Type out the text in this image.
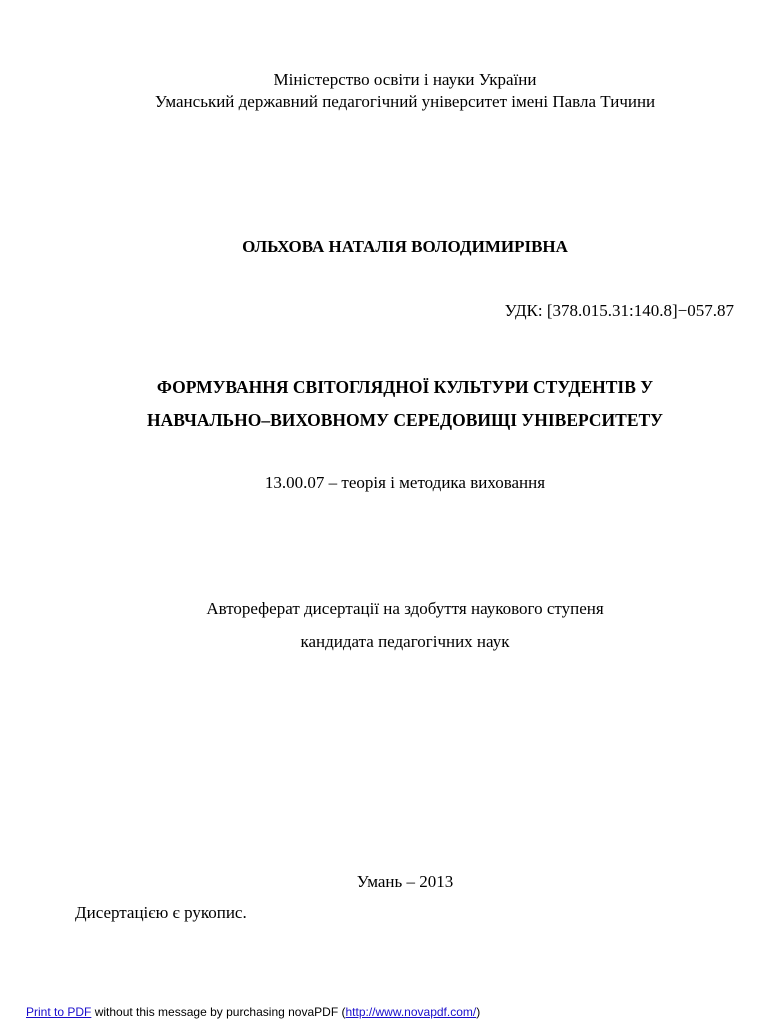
Міністерство освіти і науки України
Уманський державний педагогічний університет імені Павла Тичини
ОЛЬХОВА НАТАЛІЯ ВОЛОДИМИРІВНА
УДК: [378.015.31:140.8]−057.87
ФОРМУВАННЯ СВІТОГЛЯДНОЇ КУЛЬТУРИ СТУДЕНТІВ У
НАВЧАЛЬНО–ВИХОВНОМУ СЕРЕДОВИЩІ УНІВЕРСИТЕТУ
13.00.07 – теорія і методика виховання
Автореферат дисертації на здобуття наукового ступеня
кандидата педагогічних наук
Умань – 2013
Дисертацією є рукопис.
Print to PDF without this message by purchasing novaPDF (http://www.novapdf.com/)
